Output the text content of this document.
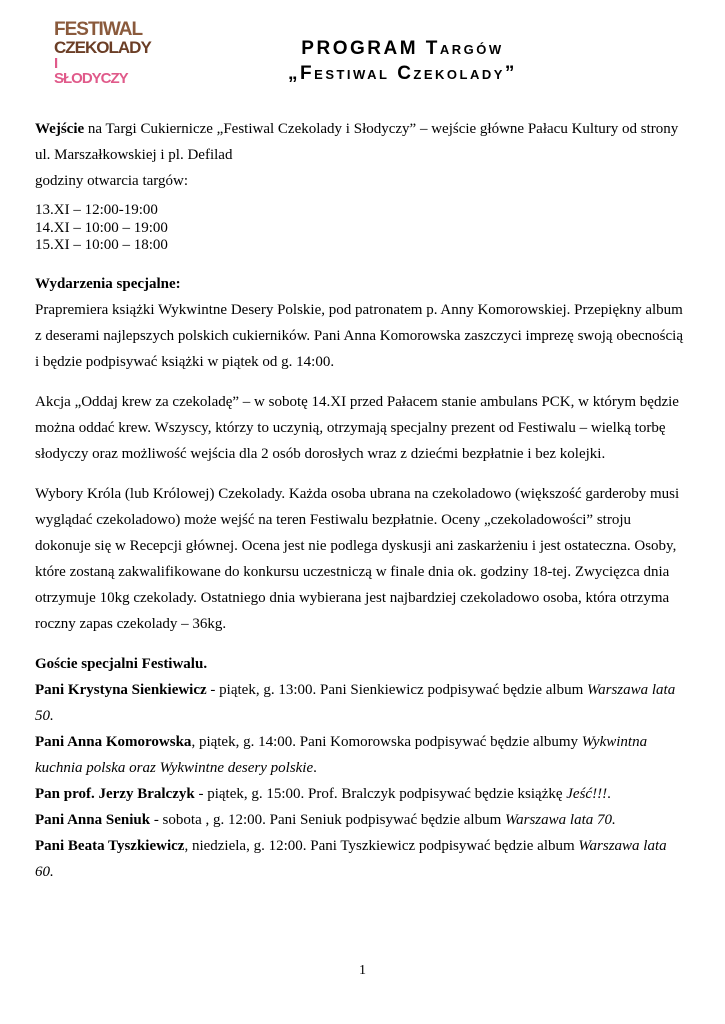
FESTIWAL
CZEKOLADY
I SŁODYCZY
PROGRAM Targów
„Festiwal Czekolady”

Wejście na Targi Cukiernicze „Festiwal Czekolady i Słodyczy” – wejście główne Pałacu Kultury od strony ul. Marszałkowskiej i pl. Defilad

godziny otwarcia targów:

13.XI – 12:00-19:00

14.XI – 10:00 – 19:00

15.XI – 10:00 – 18:00

Wydarzenia specjalne:

Prapremiera książki Wykwintne Desery Polskie, pod patronatem p. Anny Komorowskiej. Przepiękny album z deserami najlepszych polskich cukierników. Pani Anna Komorowska zaszczyci imprezę swoją obecnością i będzie podpisywać książki w piątek od g. 14:00.

Akcja „Oddaj krew za czekoladę” – w sobotę 14.XI przed Pałacem stanie ambulans PCK, w którym będzie można oddać krew. Wszyscy, którzy to uczynią, otrzymają specjalny prezent od Festiwalu – wielką torbę słodyczy oraz możliwość wejścia dla 2 osób dorosłych wraz z dziećmi bezpłatnie i bez kolejki.

Wybory Króla (lub Królowej) Czekolady. Każda osoba ubrana na czekoladowo (większość garderoby musi wyglądać czekoladowo) może wejść na teren Festiwalu bezpłatnie. Oceny „czekoladowości” stroju dokonuje się w Recepcji głównej. Ocena jest nie podlega dyskusji ani zaskarżeniu i jest ostateczna. Osoby, które zostaną zakwalifikowane do konkursu uczestniczą w finale dnia ok. godziny 18-tej. Zwycięzca dnia otrzymuje 10kg czekolady. Ostatniego dnia wybierana jest najbardziej czekoladowo osoba, która otrzyma roczny zapas czekolady – 36kg.

Goście specjalni Festiwalu.

Pani Krystyna Sienkiewicz - piątek, g. 13:00. Pani Sienkiewicz podpisywać będzie album Warszawa lata 50.

Pani Anna Komorowska, piątek, g. 14:00. Pani Komorowska podpisywać będzie albumy Wykwintna kuchnia polska oraz Wykwintne desery polskie.

Pan prof. Jerzy Bralczyk - piątek, g. 15:00. Prof. Bralczyk podpisywać będzie książkę Jeść!!!.

Pani Anna Seniuk - sobota , g. 12:00. Pani Seniuk podpisywać będzie album Warszawa lata 70.

Pani Beata Tyszkiewicz, niedziela, g. 12:00. Pani Tyszkiewicz podpisywać będzie album Warszawa lata 60.

1
